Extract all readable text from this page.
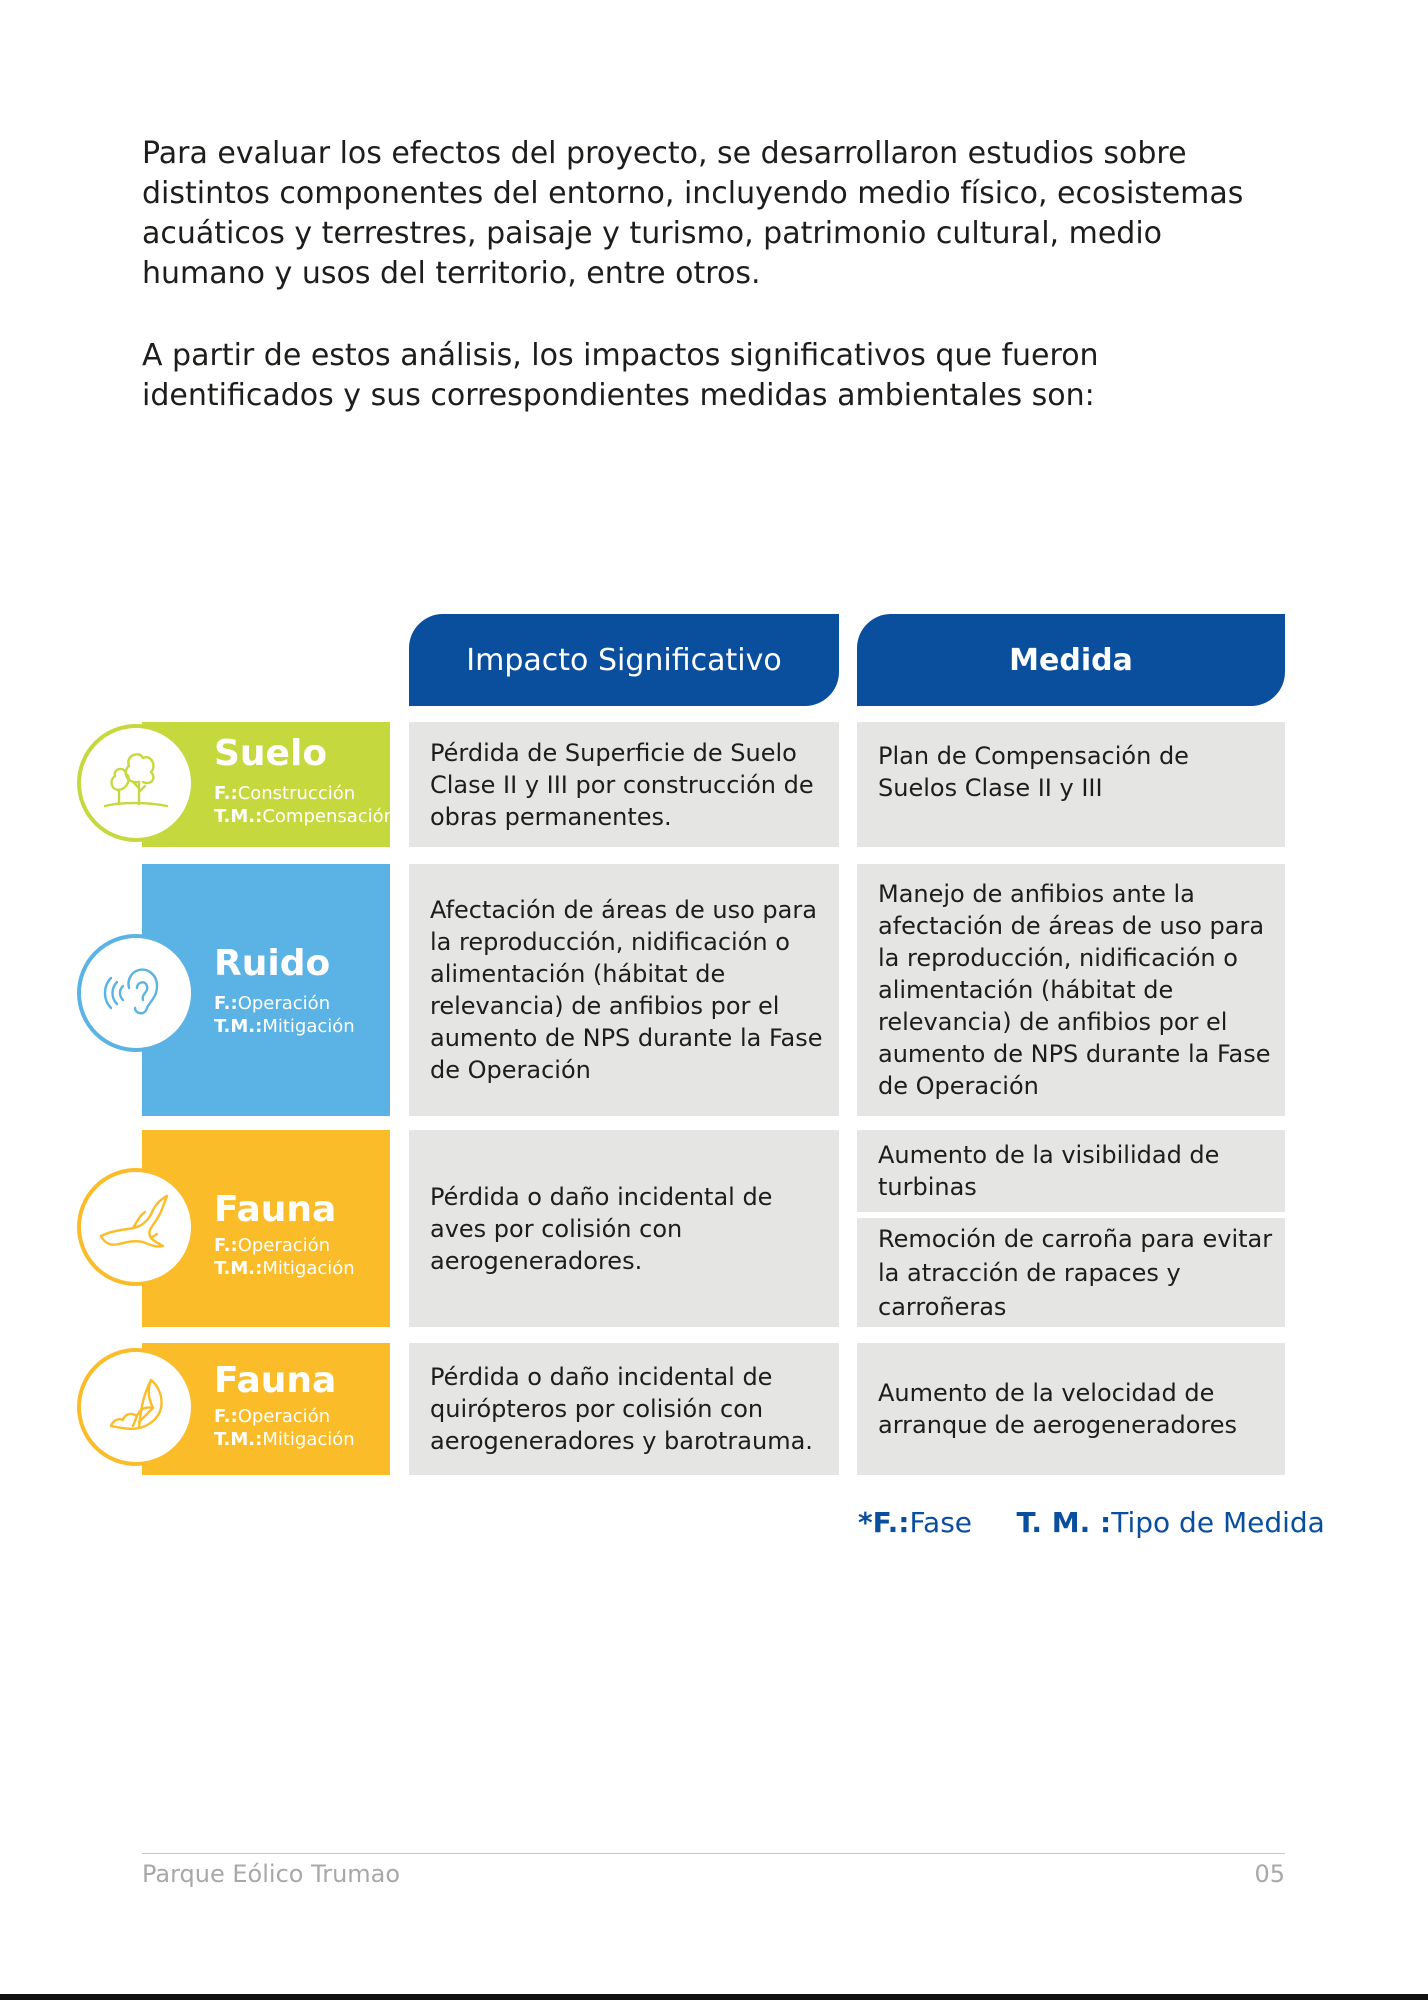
Para evaluar los efectos del proyecto, se desarrollaron estudios sobre distintos componentes del entorno, incluyendo medio físico, ecosistemas acuáticos y terrestres, paisaje y turismo, patrimonio cultural, medio humano y usos del territorio, entre otros.

A partir de estos análisis, los impactos significativos que fueron identificados y sus correspondientes medidas ambientales son:

Impacto Significativo	Medida
Suelo
F.:Construcción
T.M.:Compensación
Pérdida de Superficie de Suelo Clase II y III por construcción de obras permanentes.
Plan de Compensación de Suelos Clase II y III
Ruido
F.:Operación
T.M.:Mitigación
Afectación de áreas de uso para la reproducción, nidificación o alimentación (hábitat de relevancia) de anfibios por el aumento de NPS durante la Fase de Operación
Manejo de anfibios ante la afectación de áreas de uso para la reproducción, nidificación o alimentación (hábitat de relevancia) de anfibios por el aumento de NPS durante la Fase de Operación
Fauna
F.:Operación
T.M.:Mitigación
Pérdida o daño incidental de aves por colisión con aerogeneradores.
Aumento de la visibilidad de turbinas
Remoción de carroña para evitar la atracción de rapaces y carroñeras
Fauna
F.:Operación
T.M.:Mitigación
Pérdida o daño incidental de quirópteros por colisión con aerogeneradores y barotrauma.
Aumento de la velocidad de arranque de aerogeneradores
*F.:Fase T. M. :Tipo de Medida
Parque Eólico Trumao	05
